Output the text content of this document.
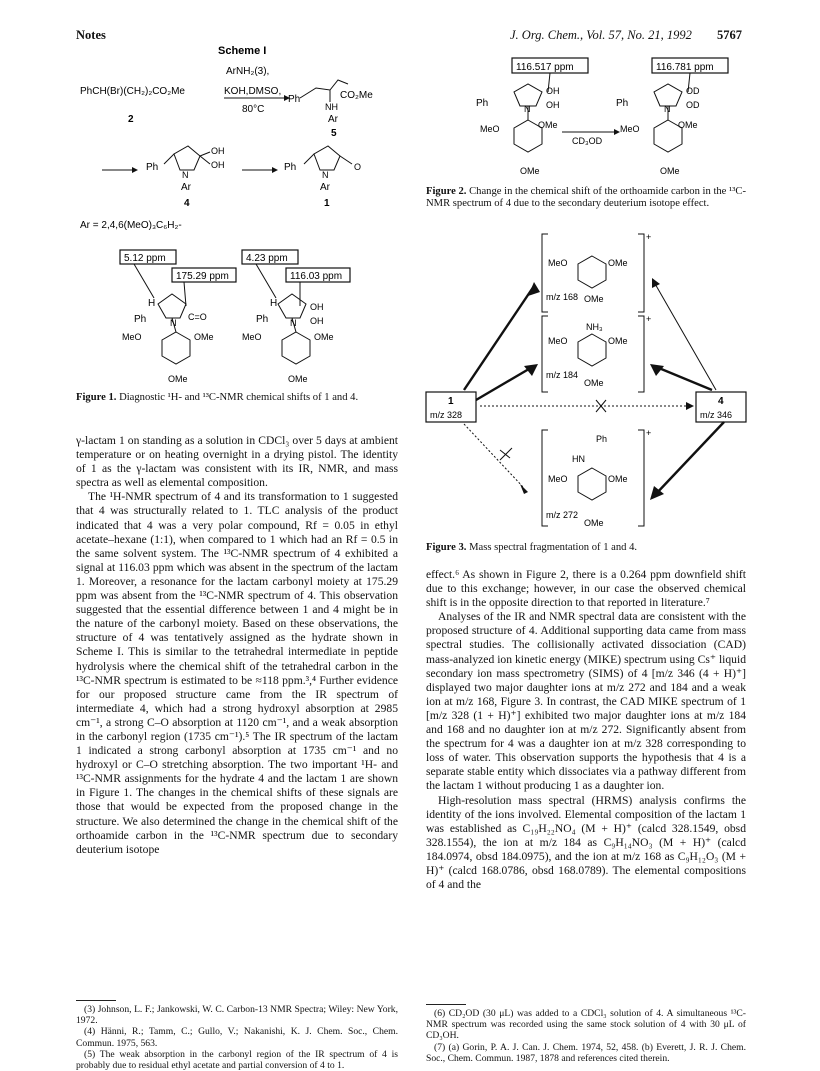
Notes	J. Org. Chem., Vol. 57, No. 21, 1992 5767
Scheme I
ArNH₂(3),
PhCH(Br)(CH₂)₂CO₂Me	KOH,DMSO,
80°C
2
Ph
NH
CO₂Me
Ar
5
Ph
N
OH
OH
Ar
4
Ph
N
O
Ar
1
Ar = 2,4,6(MeO)₃C₆H₂-
5.12 ppm
175.29 ppm
4.23 ppm
116.03 ppm
H
Ph	N
C=O
MeO	OMe
OMe
H
Ph N
OH
OH
MeO	OMe
OMe
Figure 1. Diagnostic ¹H- and ¹³C-NMR chemical shifts of 1 and 4.

γ-lactam 1 on standing as a solution in CDCl₃ over 5 days at ambient temperature or on heating overnight in a drying pistol. The identity of 1 as the γ-lactam was consistent with its IR, NMR, and mass spectra as well as elemental composition.

The ¹H-NMR spectrum of 4 and its transformation to 1 suggested that 4 was structurally related to 1. TLC analysis of the product indicated that 4 was a very polar compound, Rf = 0.05 in ethyl acetate–hexane (1:1), when compared to 1 which had an Rf = 0.5 in the same solvent system. The ¹³C-NMR spectrum of 4 exhibited a signal at 116.03 ppm which was absent in the spectrum of the lactam 1. Moreover, a resonance for the lactam carbonyl moiety at 175.29 ppm was absent from the ¹³C-NMR spectrum of 4. This observation suggested that the essential difference between 1 and 4 might be in the nature of the carbonyl moiety. Based on these observations, the structure of 4 was tentatively assigned as the hydrate shown in Scheme I. This is similar to the tetrahedral intermediate in peptide hydrolysis where the chemical shift of the tetrahedral carbon in the ¹³C-NMR spectrum is estimated to be ≈118 ppm.³,⁴ Further evidence for our proposed structure came from the IR spectrum of intermediate 4, which had a strong hydroxyl absorption at 2985 cm⁻¹, a strong C–O absorption at 1120 cm⁻¹, and a weak absorption in the carbonyl region (1735 cm⁻¹).⁵ The IR spectrum of the lactam 1 indicated a strong carbonyl absorption at 1735 cm⁻¹ and no hydroxyl or C–O stretching absorption. The two important ¹H- and ¹³C-NMR assignments for the hydrate 4 and the lactam 1 are shown in Figure 1. The changes in the chemical shifts of these signals are those that would be expected from the proposed change in the structure. We also determined the change in the chemical shift of the orthoamide carbon in the ¹³C-NMR spectrum due to secondary deuterium isotope

(3) Johnson, L. F.; Jankowski, W. C. Carbon-13 NMR Spectra; Wiley: New York, 1972.

(4) Hänni, R.; Tamm, C.; Gullo, V.; Nakanishi, K. J. Chem. Soc., Chem. Commun. 1975, 563.

(5) The weak absorption in the carbonyl region of the IR spectrum of 4 is probably due to residual ethyl acetate and partial conversion of 4 to 1.

116.517 ppm	116.781 ppm
CD₃OD
Ph	N
OH
OH
MeO	OMe
OMe
Ph	N
OD
OD
MeO	OMe
OMe
Figure 2. Change in the chemical shift of the orthoamide carbon in the ¹³C-NMR spectrum of 4 due to the secondary deuterium isotope effect.
+
+
+
MeO	OMe
m/z 168 OMe
NH₃
MeO	OMe
m/z 184
OMe
Ph
HN
MeO	OMe
m/z 272
OMe
1
m/z 328
4
m/z 346
Figure 3. Mass spectral fragmentation of 1 and 4.

effect.⁶ As shown in Figure 2, there is a 0.264 ppm downfield shift due to this exchange; however, in our case the observed chemical shift is in the opposite direction to that reported in literature.⁷

Analyses of the IR and NMR spectral data are consistent with the proposed structure of 4. Additional supporting data came from mass spectral studies. The collisionally activated dissociation (CAD) mass-analyzed ion kinetic energy (MIKE) spectrum using Cs⁺ liquid secondary ion mass spectrometry (SIMS) of 4 [m/z 346 (4 + H)⁺] displayed two major daughter ions at m/z 272 and 184 and a weak ion at m/z 168, Figure 3. In contrast, the CAD MIKE spectrum of 1 [m/z 328 (1 + H)⁺] exhibited two major daughter ions at m/z 184 and 168 and no daughter ion at m/z 272. Significantly absent from the spectrum for 4 was a daughter ion at m/z 328 corresponding to loss of water. This observation supports the hypothesis that 4 is a separate stable entity which dissociates via a pathway different from the lactam 1 without producing 1 as a daughter ion.

High-resolution mass spectral (HRMS) analysis confirms the identity of the ions involved. Elemental composition of the lactam 1 was established as C₁₉H₂₂NO₄ (M + H)⁺ (calcd 328.1549, obsd 328.1554), the ion at m/z 184 as C₉H₁₄NO₃ (M + H)⁺ (calcd 184.0974, obsd 184.0975), and the ion at m/z 168 as C₉H₁₂O₃ (M + H)⁺ (calcd 168.0786, obsd 168.0789). The elemental compositions of 4 and the

(6) CD₂OD (30 μL) was added to a CDCl₃ solution of 4. A simultaneous ¹³C-NMR spectrum was recorded using the same stock solution of 4 with 30 μL of CD₃OH.

(7) (a) Gorin, P. A. J. Can. J. Chem. 1974, 52, 458. (b) Everett, J. R. J. Chem. Soc., Chem. Commun. 1987, 1878 and references cited therein.
